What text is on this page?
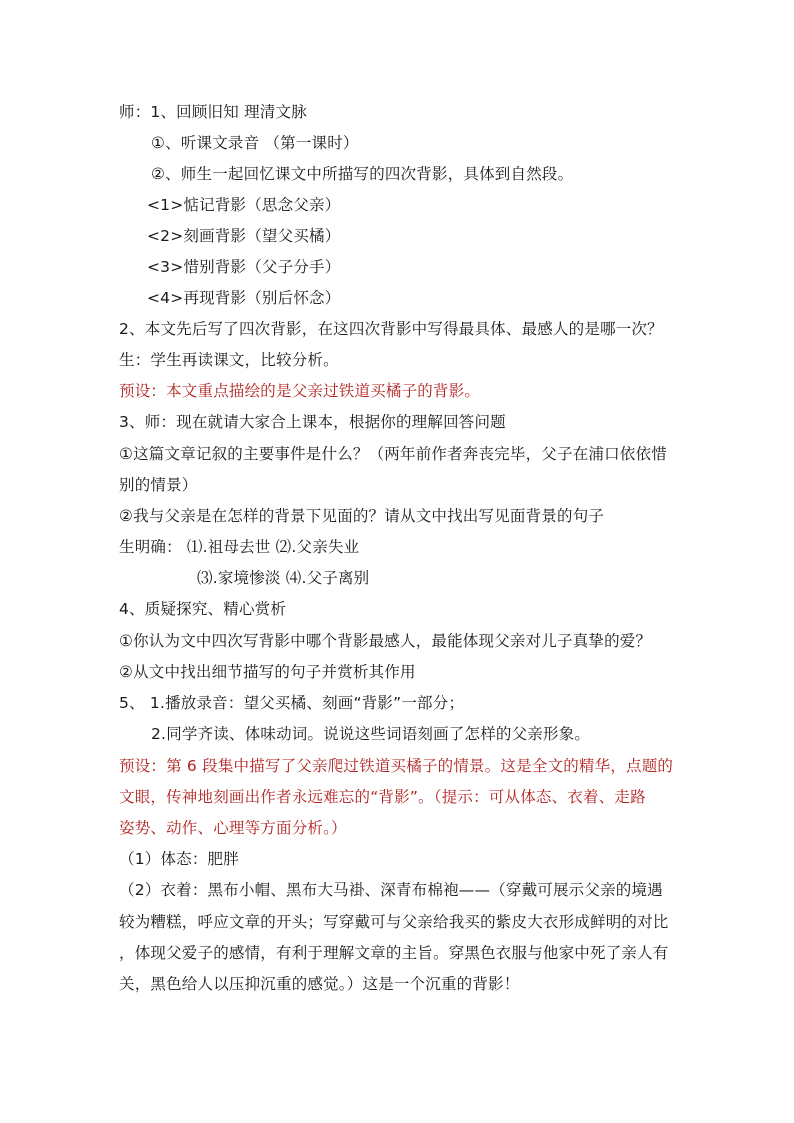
师：1、回顾旧知 理清文脉
①、听课文录音 （第一课时）
②、师生一起回忆课文中所描写的四次背影，具体到自然段。
<1>惦记背影（思念父亲）
<2>刻画背影（望父买橘）
<3>惜别背影（父子分手）
<4>再现背影（别后怀念）
2、本文先后写了四次背影，在这四次背影中写得最具体、最感人的是哪一次？
生：学生再读课文，比较分析。
预设：本文重点描绘的是父亲过铁道买橘子的背影。
3、师：现在就请大家合上课本，根据你的理解回答问题
①这篇文章记叙的主要事件是什么？（两年前作者奔丧完毕，父子在浦口依依惜
别的情景）
②我与父亲是在怎样的背景下见面的？请从文中找出写见面背景的句子
生明确： ⑴.祖母去世 ⑵.父亲失业
⑶.家境惨淡 ⑷.父子离别
4、质疑探究、精心赏析
①你认为文中四次写背影中哪个背影最感人，最能体现父亲对儿子真挚的爱？
②从文中找出细节描写的句子并赏析其作用
5、 1.播放录音：望父买橘、刻画“背影”一部分；
2.同学齐读、体味动词。说说这些词语刻画了怎样的父亲形象。
预设：第 6 段集中描写了父亲爬过铁道买橘子的情景。这是全文的精华，点题的
文眼，传神地刻画出作者永远难忘的“背影”。（提示：可从体态、衣着、走路
姿势、动作、心理等方面分析。）
（1）体态：肥胖
（2）衣着：黑布小帽、黑布大马褂、深青布棉袍——（穿戴可展示父亲的境遇
较为糟糕，呼应文章的开头；写穿戴可与父亲给我买的紫皮大衣形成鲜明的对比
，体现父爱子的感情，有利于理解文章的主旨。穿黑色衣服与他家中死了亲人有
关，黑色给人以压抑沉重的感觉。）这是一个沉重的背影！
